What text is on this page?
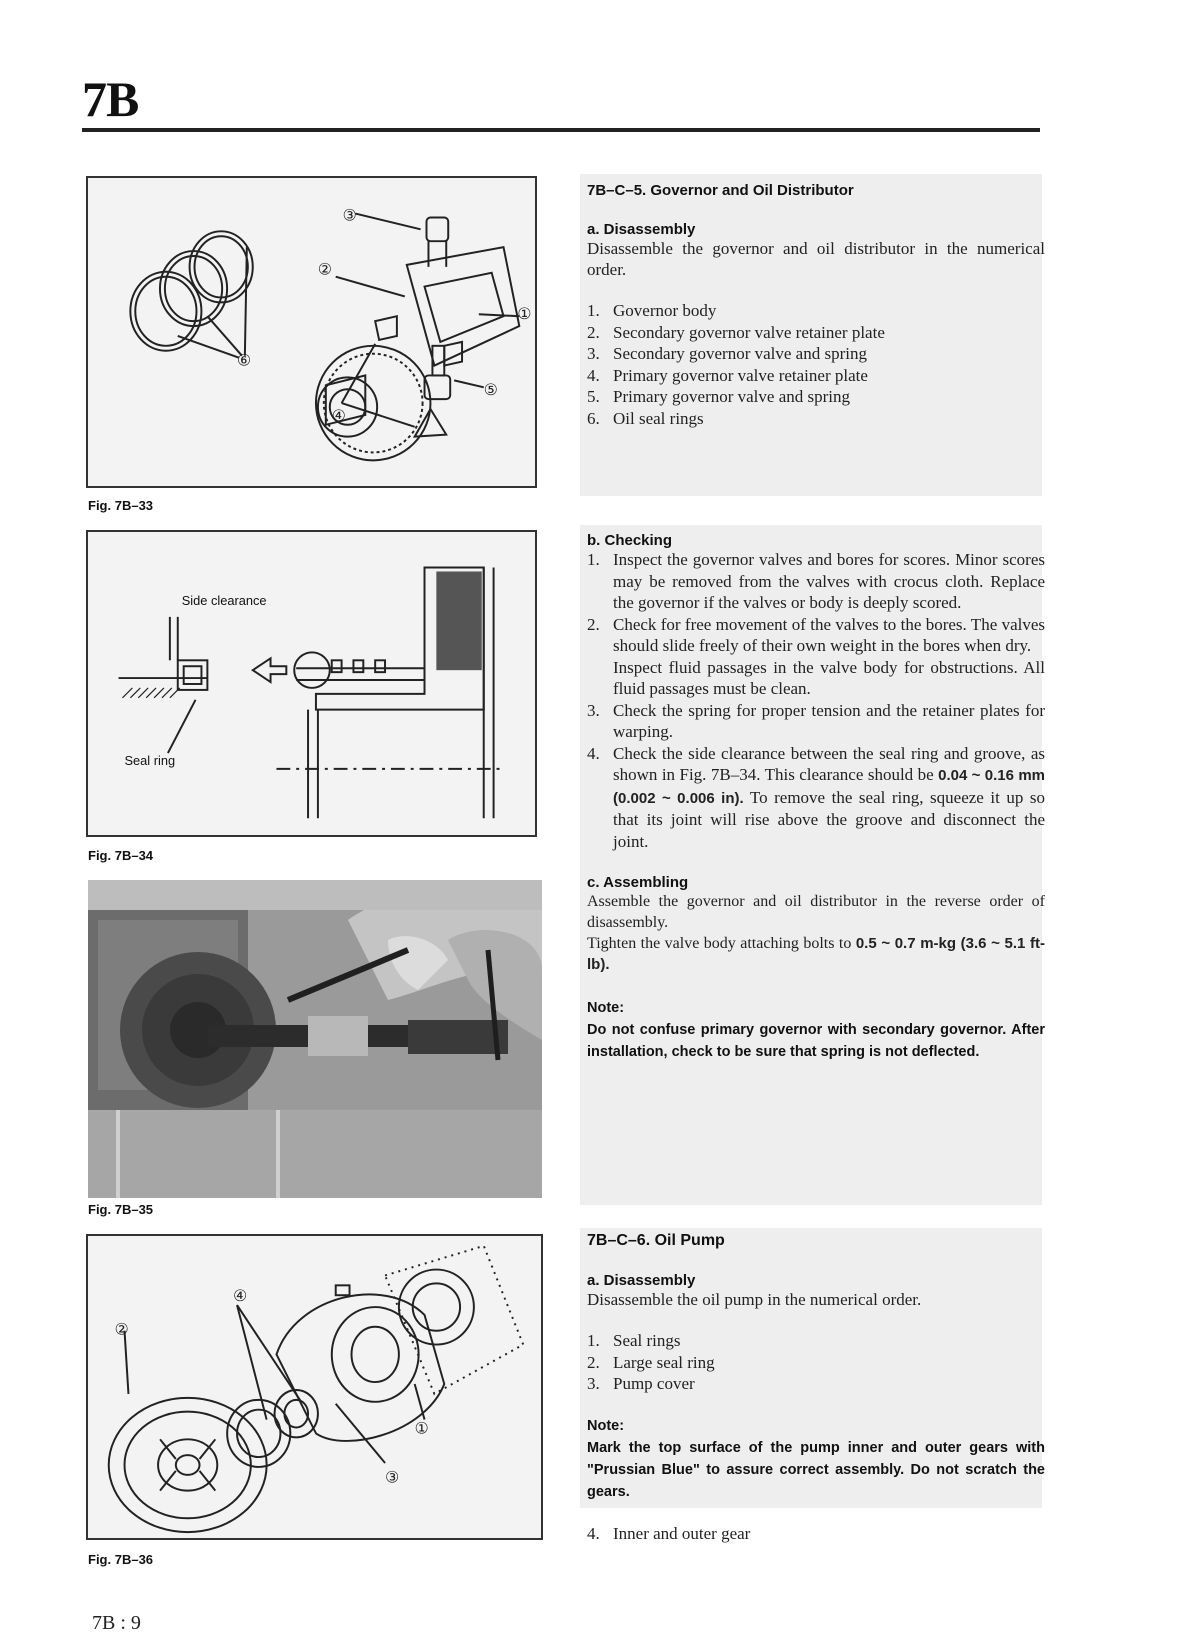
7B
③
②
①
⑥
④
⑤
Fig. 7B–33
Side clearance
Seal ring
Fig. 7B–34
Fig. 7B–35
④
②
①
③
Fig. 7B–36
7B–C–5. Governor and Oil Distributor
a. Disassembly
Disassemble the governor and oil distributor in the numerical order.
1. Governor body
2. Secondary governor valve retainer plate
3. Secondary governor valve and spring
4. Primary governor valve retainer plate
5. Primary governor valve and spring
6. Oil seal rings
b. Checking
1. Inspect the governor valves and bores for scores. Minor scores may be removed from the valves with crocus cloth. Replace the governor if the valves or body is deeply scored.
2. Check for free movement of the valves to the bores. The valves should slide freely of their own weight in the bores when dry.
Inspect fluid passages in the valve body for obstructions. All fluid passages must be clean.
3. Check the spring for proper tension and the retainer plates for warping.
4. Check the side clearance between the seal ring and groove, as shown in Fig. 7B–34. This clearance should be 0.04 ~ 0.16 mm (0.002 ~ 0.006 in). To remove the seal ring, squeeze it up so that its joint will rise above the groove and disconnect the joint.
c. Assembling
Assemble the governor and oil distributor in the reverse order of disassembly.
Tighten the valve body attaching bolts to 0.5 ~ 0.7 m-kg (3.6 ~ 5.1 ft-lb).
Note:
Do not confuse primary governor with secondary governor. After installation, check to be sure that spring is not deflected.
7B–C–6. Oil Pump
a. Disassembly
Disassemble the oil pump in the numerical order.
1. Seal rings
2. Large seal ring
3. Pump cover
Note:
Mark the top surface of the pump inner and outer gears with "Prussian Blue" to assure correct assembly. Do not scratch the gears.
4. Inner and outer gear
7B : 9
